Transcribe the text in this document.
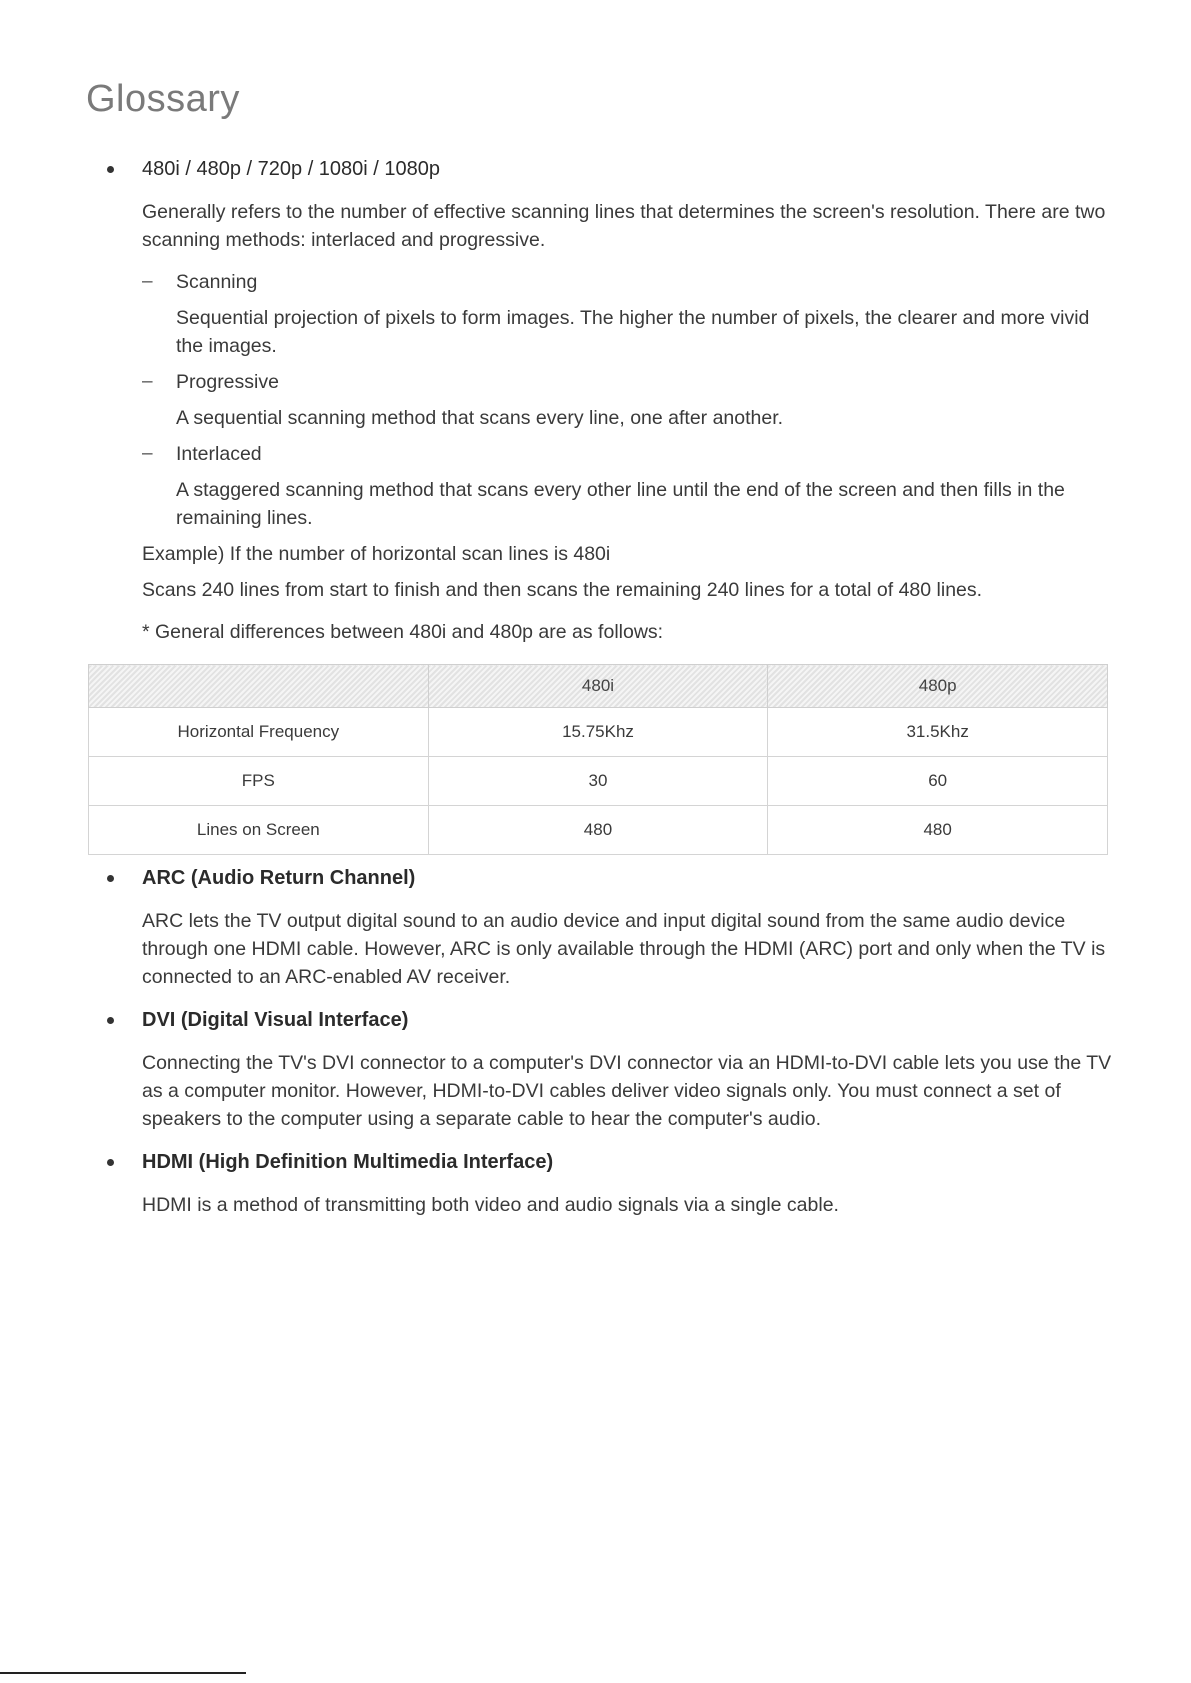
Glossary

480i / 480p / 720p / 1080i / 1080p

Generally refers to the number of effective scanning lines that determines the screen's resolution. There are two scanning methods: interlaced and progressive.

– Scanning

Sequential projection of pixels to form images. The higher the number of pixels, the clearer and more vivid the images.

– Progressive

A sequential scanning method that scans every line, one after another.

– Interlaced

A staggered scanning method that scans every other line until the end of the screen and then fills in the remaining lines.

Example) If the number of horizontal scan lines is 480i

Scans 240 lines from start to finish and then scans the remaining 240 lines for a total of 480 lines.

* General differences between 480i and 480p are as follows:

	480i	480p
Horizontal Frequency	15.75Khz	31.5Khz
FPS	30	60
Lines on Screen	480	480

ARC (Audio Return Channel)

ARC lets the TV output digital sound to an audio device and input digital sound from the same audio device through one HDMI cable. However, ARC is only available through the HDMI (ARC) port and only when the TV is connected to an ARC-enabled AV receiver.

DVI (Digital Visual Interface)

Connecting the TV's DVI connector to a computer's DVI connector via an HDMI-to-DVI cable lets you use the TV as a computer monitor. However, HDMI-to-DVI cables deliver video signals only. You must connect a set of speakers to the computer using a separate cable to hear the computer's audio.

HDMI (High Definition Multimedia Interface)

HDMI is a method of transmitting both video and audio signals via a single cable.
